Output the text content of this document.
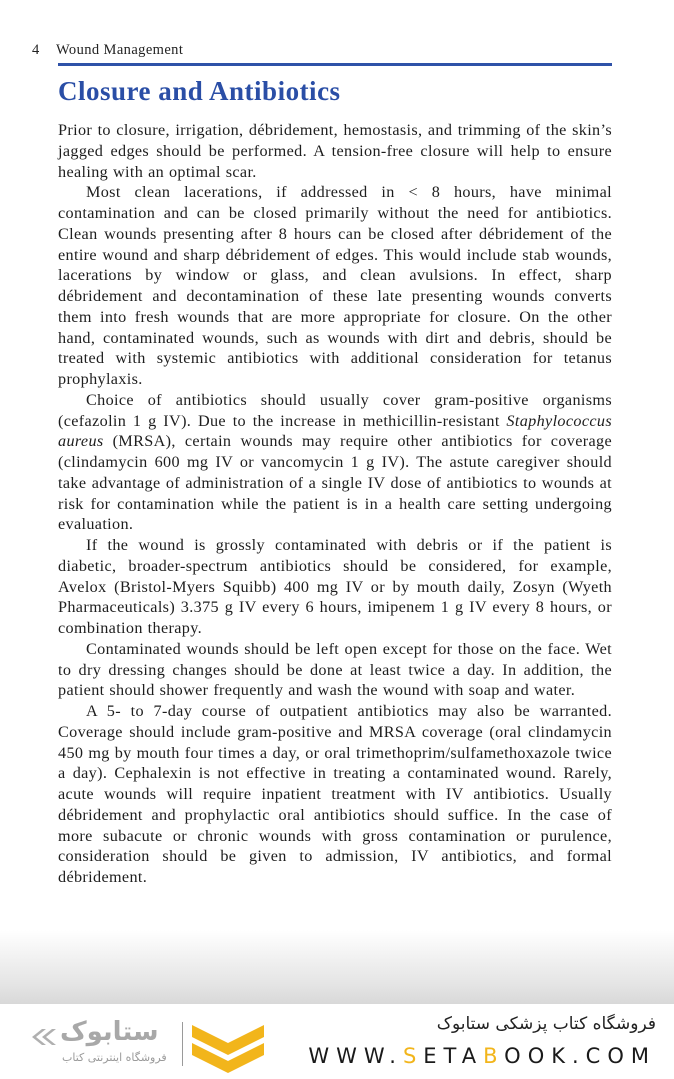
4 Wound Management
Closure and Antibiotics

Prior to closure, irrigation, débridement, hemostasis, and trimming of the skin’s jagged edges should be performed. A tension-free closure will help to ensure healing with an optimal scar.

Most clean lacerations, if addressed in < 8 hours, have minimal contamination and can be closed primarily without the need for antibiotics. Clean wounds presenting after 8 hours can be closed after débridement of the entire wound and sharp débridement of edges. This would include stab wounds, lacerations by window or glass, and clean avulsions. In effect, sharp débridement and decontamination of these late presenting wounds converts them into fresh wounds that are more appropriate for closure. On the other hand, contaminated wounds, such as wounds with dirt and debris, should be treated with systemic antibiotics with additional consideration for tetanus prophylaxis.

Choice of antibiotics should usually cover gram-positive organisms (cefazolin 1 g IV). Due to the increase in methicillin-resistant Staphylococcus aureus (MRSA), certain wounds may require other antibiotics for coverage (clindamycin 600 mg IV or vancomycin 1 g IV). The astute caregiver should take advantage of administration of a single IV dose of antibiotics to wounds at risk for contamination while the patient is in a health care setting undergoing evaluation.

If the wound is grossly contaminated with debris or if the patient is diabetic, broader-spectrum antibiotics should be considered, for example, Avelox (Bristol-Myers Squibb) 400 mg IV or by mouth daily, Zosyn (Wyeth Pharmaceuticals) 3.375 g IV every 6 hours, imipenem 1 g IV every 8 hours, or combination therapy.

Contaminated wounds should be left open except for those on the face. Wet to dry dressing changes should be done at least twice a day. In addition, the patient should shower frequently and wash the wound with soap and water.

A 5- to 7-day course of outpatient antibiotics may also be warranted. Coverage should include gram-positive and MRSA coverage (oral clindamycin 450 mg by mouth four times a day, or oral trimethoprim/sulfamethoxazole twice a day). Cephalexin is not effective in treating a contaminated wound. Rarely, acute wounds will require inpatient treatment with IV antibiotics. Usually débridement and prophylactic oral antibiotics should suffice. In the case of more subacute or chronic wounds with gross contamination or purulence, consideration should be given to admission, IV antibiotics, and formal débridement.

ستابوک
فروشگاه اینترنتی کتاب
فروشگاه کتاب پزشکی ستابوک
WWW.SETABOOK.COM
